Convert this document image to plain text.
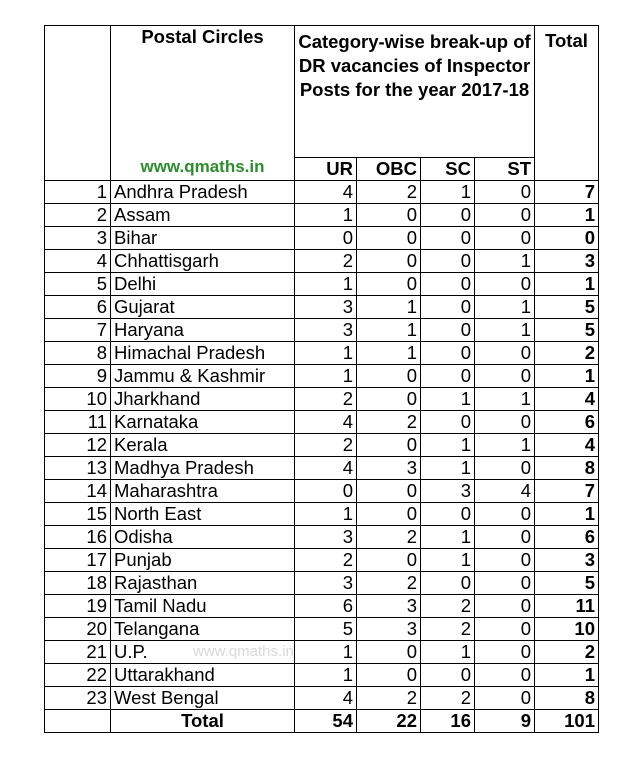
	Postal Circles
www.qmaths.in	Category-wise break-up of DR vacancies of Inspector Posts for the year 2017-18				Total
		UR	OBC	SC	ST	
1	Andhra Pradesh	4	2	1	0	7
2	Assam	1	0	0	0	1
3	Bihar	0	0	0	0	0
4	Chhattisgarh	2	0	0	1	3
5	Delhi	1	0	0	0	1
6	Gujarat	3	1	0	1	5
7	Haryana	3	1	0	1	5
8	Himachal Pradesh	1	1	0	0	2
9	Jammu & Kashmir	1	0	0	0	1
10	Jharkhand	2	0	1	1	4
11	Karnataka	4	2	0	0	6
12	Kerala	2	0	1	1	4
13	Madhya Pradesh	4	3	1	0	8
14	Maharashtra	0	0	3	4	7
15	North East	1	0	0	0	1
16	Odisha	3	2	1	0	6
17	Punjab	2	0	1	0	3
18	Rajasthan	3	2	0	0	5
19	Tamil Nadu	6	3	2	0	11
20	Telangana	5	3	2	0	10
21	U.P. www.qmaths.in	1	0	1	0	2
22	Uttarakhand	1	0	0	0	1
23	West Bengal	4	2	2	0	8
	Total	54	22	16	9	101
